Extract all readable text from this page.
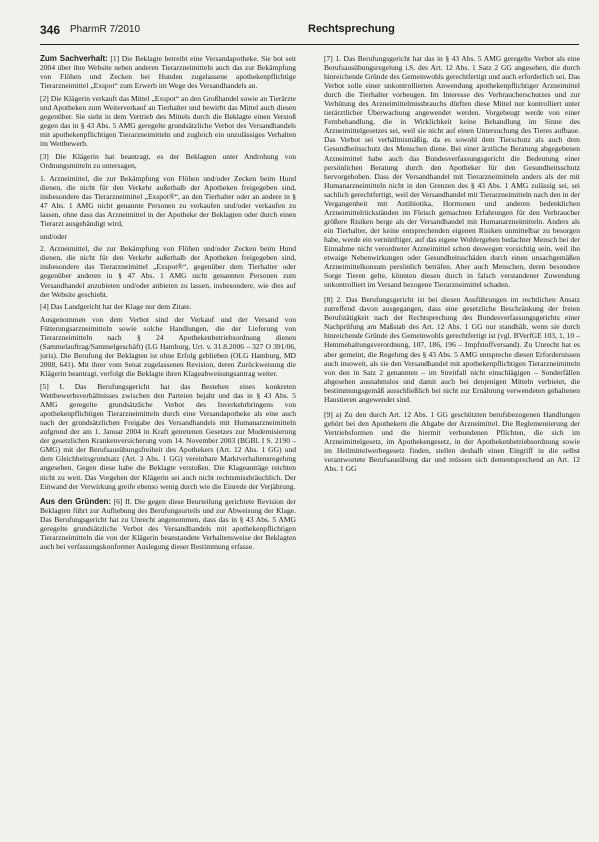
346 PharmR 7/2010	Rechtsprechung

Zum Sachverhalt: [1] Die Beklagte betreibt eine Versandapotheke. Sie bot seit 2004 über ihre Website neben anderen Tierarzneimitteln auch das zur Bekämpfung von Flöhen und Zecken bei Hunden zugelassene apothekenpflichtige Tierarzneimittel „Exspot“ zum Erwerb im Wege des Versandhandels an.

[2] Die Klägerin verkauft das Mittel „Exspot“ an den Großhandel sowie an Tierärzte und Apotheken zum Weiterverkauf an Tierhalter und bewirbt das Mittel auch diesen gegenüber. Sie sieht in dem Vertrieb des Mittels durch die Beklagte einen Verstoß gegen das in § 43 Abs. 5 AMG geregelte grundsätzliche Verbot des Versandhandels mit apothekenpflichtigen Tierarzneimitteln und zugleich ein unzulässiges Verhalten im Wettbewerb.

[3] Die Klägerin hat beantragt, es der Beklagten unter Androhung von Ordnungsmitteln zu untersagen,

1. Arzneimittel, die zur Bekämpfung von Flöhen und/oder Zecken beim Hund dienen, die nicht für den Verkehr außerhalb der Apotheken freigegeben sind, insbesondere das Tierarzneimittel „Exspot®“, an den Tierhalter oder an andere in § 47 Abs. 1 AMG nicht genannte Personen zu verkaufen und/oder verkaufen zu lassen, ohne dass das Arzneimittel in der Apotheke der Beklagten oder durch einen Tierarzt ausgehändigt wird,

und/oder

2. Arzneimittel, die zur Bekämpfung von Flöhen und/oder Zecken beim Hund dienen, die nicht für den Verkehr außerhalb der Apotheken freigegeben sind, insbesondere das Tierarzneimittel „Exspot®“, gegenüber dem Tierhalter oder gegenüber anderen in § 47 Abs. 1 AMG nicht genannten Personen zum Versandhandel anzubieten und/oder anbieten zu lassen, insbesondere, wie dies auf der Website geschieht.

[4] Das Landgericht hat der Klage nur dem Zitate.

Ausgenommen von dem Verbot sind der Verkauf und der Versand von Fütterungsarzneimitteln sowie solche Handlungen, die der Lieferung von Tierarzneimitteln nach § 24 Apothekenbetriebsordnung dienen (Sammelauftrag/Sammelgeschäft) (LG Hamburg, Urt. v. 31.8.2006 – 327 O 391/06, juris). Die Berufung der Beklagten ist ohne Erfolg geblieben (OLG Hamburg, MD 2008, 641). Mit ihrer vom Senat zugelassenen Revision, deren Zurückweisung die Klägerin beantragt, verfolgt die Beklagte ihren Klageabweisungsantrag weiter.

[5] I. Das Berufungsgericht hat das Bestehen eines konkreten Wettbewerbsverhältnisses zwischen den Parteien bejaht und das in § 43 Abs. 5 AMG geregelte grundsätzliche Verbot des Inverkehrbringens von apothekenpflichtigen Tierarzneimitteln durch eine Versandapotheke als eine auch nach der grundsätzlichen Freigabe des Versandhandels mit Humanarzneimitteln aufgrund der am 1. Januar 2004 in Kraft getretenen Gesetzes zur Modernisierung der gesetzlichen Krankenversicherung vom 14. November 2003 (BGBl. I S. 2190 – GMG) mit der Berufsausübungsfreiheit des Apothekers (Art. 12 Abs. 1 GG) und dem Gleichheitsgrundsatz (Art. 3 Abs. 1 GG) vereinbare Marktverhaltensregelung angesehen. Gegen diese habe die Beklagte verstoßen. Die Klageanträge reichten nicht zu weit. Das Vorgehen der Klägerin sei auch nicht rechtsmissbräuchlich. Der Einwand der Verwirkung greife ebenso wenig durch wie die Einrede der Verjährung.

Aus den Gründen: [6] II. Die gegen diese Beurteilung gerichtete Revision der Beklagten führt zur Aufhebung des Berufungsurteils und zur Abweisung der Klage. Das Berufungsgericht hat zu Unrecht angenommen, dass das in § 43 Abs. 5 AMG geregelte grundsätzliche Verbot des Versandhandels mit apothekenpflichtigen Tierarzneimitteln die von der Klägerin beanstandete Verhaltensweise der Beklagten auch bei verfassungskonformer Auslegung dieser Bestimmung erfasse.

[7] 1. Das Berufungsgericht hat das in § 43 Abs. 5 AMG geregelte Verbot als eine Berufsausübungsregelung i.S. des Art. 12 Abs. 1 Satz 2 GG angesehen, die durch hinreichende Gründe des Gemeinwohls gerechtfertigt und auch erforderlich sei. Das Verbot solle einer unkontrollierten Anwendung apothekenpflichtiger Arzneimittel durch die Tierhalter vorbeugen. Im Interesse des Verbraucherschutzes und zur Verhütung des Arzneimittelmissbrauchs dürften diese Mittel nur kontrolliert unter tierärztlicher Überwachung angewendet werden. Vorgebeugt werde von einer Fernbehandlung, die in Wirklichkeit keine Behandlung im Sinne des Arzneimittelgesetzes sei, weil sie nicht auf einen Untersuchung des Tieres aufbaue. Das Verbot sei verhältnismäßig, da es sowohl dem Tierschutz als auch dem Gesundheitsschutz des Menschen diene. Bei einer ärztliche Beratung abgegebenen Arzneimittel habe auch das Bundesverfassungsgericht die Bedeutung einer persönlichen Beratung durch den Apotheker für den Gesundheitsschutz hervorgehoben. Dass der Versandhandel mit Tierarzneimitteln anders als der mit Humanarzneimitteln nicht in den Grenzen des § 43 Abs. 1 AMG zulässig sei, sei sachlich gerechtfertigt, weil der Versandhandel mit Tierarzneimitteln nach den in der Vergangenheit mit Antibiotika, Hormonen und anderen bedenklichen Arzneimittelrückständen im Fleisch gemachten Erfahrungen für den Verbraucher größere Risiken berge als der Versandhandel mit Humanarzneimitteln. Anders als ein Tierhalter, der keine entsprechenden eigenen Risiken unmittelbar zu besorgen habe, werde ein vernünftiger, auf das eigene Wohlergehen bedachter Mensch bei der Einnahme nicht verordneter Arzneimittel schon deswegen vorsichtig sein, weil ihn etwaige Nebenwirkungen oder Gesundheitsschäden durch einen unsachgemäßen Arzneimittelkonsum persönlich beträfen. Aber auch Menschen, deren besondere Sorge Tieren gelte, könnten diesen durch in falsch verstandener Zuwendung unkontrolliert im Versand bezogene Tierarzneimittel schaden.

[8] 2. Das Berufungsgericht ist bei diesen Ausführungen im rechtlichen Ansatz zutreffend davon ausgegangen, dass eine gesetzliche Beschränkung der freien Berufstätigkeit nach der Rechtsprechung des Bundesverfassungsgerichts einer Nachprüfung am Maßstab des Art. 12 Abs. 1 GG nur standhält, wenn sie durch hinreichende Gründe des Gemeinwohls gerechtfertigt ist (vgl. BVerfGE 103, 1, 10 – Hemmehaltungsverordnung, 107, 186, 196 – Impfstoffversand). Zu Unrecht hat es aber gemeint, die Regelung des § 43 Abs. 5 AMG entspreche diesen Erfordernissen auch insoweit, als sie den Versandhandel mit apothekenpflichtigen Tierarzneimitteln von den in Satz 2 genannten – im Streitfall nicht einschlägigen – Sonderfällen abgesehen ausnahmslos und damit auch bei denjenigen Mitteln verbietet, die bestimmungsgemäß ausschließlich bei nicht zur Ernährung verwendeten gehaltenen Haustieren angewendet sind.

[9] a) Zu den durch Art. 12 Abs. 1 GG geschützten berufsbezogenen Handlungen gehört bei den Apothekern die Abgabe der Arzneimittel. Die Reglementierung der Vertriebsformen und die hiermit verbundenen Pflichten, die sich im Arzneimittelgesetz, im Apothekengesetz, in der Apothekenbetriebsordnung sowie im Heilmittelwerbegesetz finden, stellen deshalb einen Eingriff in die selbst verantwortete Berufsausübung dar und müssen sich dementsprechend an Art. 12 Abs. 1 GG
